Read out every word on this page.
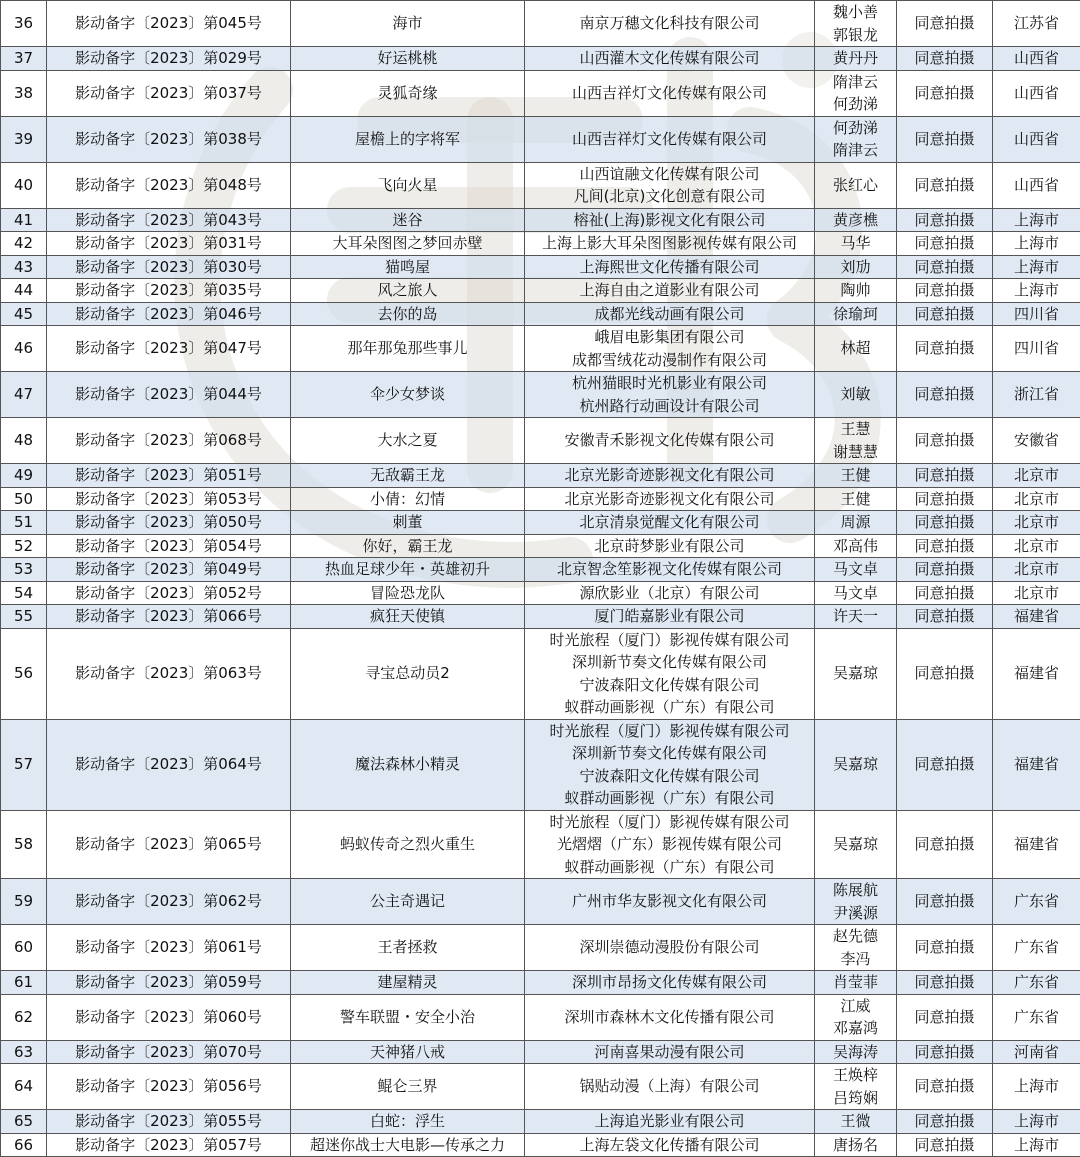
36	影动备字〔2023〕第045号	海市	南京万穗文化科技有限公司	魏小善
郭银龙	同意拍摄	江苏省
37	影动备字〔2023〕第029号	好运桃桃	山西灌木文化传媒有限公司	黄丹丹	同意拍摄	山西省
38	影动备字〔2023〕第037号	灵狐奇缘	山西吉祥灯文化传媒有限公司	隋津云
何劲涕	同意拍摄	山西省
39	影动备字〔2023〕第038号	屋檐上的字将军	山西吉祥灯文化传媒有限公司	何劲涕
隋津云	同意拍摄	山西省
40	影动备字〔2023〕第048号	飞向火星	山西谊融文化传媒有限公司
凡间(北京)文化创意有限公司	张红心	同意拍摄	山西省
41	影动备字〔2023〕第043号	迷谷	榕祉(上海)影视文化有限公司	黄彦樵	同意拍摄	上海市
42	影动备字〔2023〕第031号	大耳朵图图之梦回赤壁	上海上影大耳朵图图影视传媒有限公司	马华	同意拍摄	上海市
43	影动备字〔2023〕第030号	猫鸣屋	上海熙世文化传播有限公司	刘劢	同意拍摄	上海市
44	影动备字〔2023〕第035号	风之旅人	上海自由之道影业有限公司	陶帅	同意拍摄	上海市
45	影动备字〔2023〕第046号	去你的岛	成都光线动画有限公司	徐瑜珂	同意拍摄	四川省
46	影动备字〔2023〕第047号	那年那兔那些事儿	峨眉电影集团有限公司
成都雪绒花动漫制作有限公司	林超	同意拍摄	四川省
47	影动备字〔2023〕第044号	伞少女梦谈	杭州猫眼时光机影业有限公司
杭州路行动画设计有限公司	刘敏	同意拍摄	浙江省
48	影动备字〔2023〕第068号	大水之夏	安徽青禾影视文化传媒有限公司	王慧
谢慧慧	同意拍摄	安徽省
49	影动备字〔2023〕第051号	无敌霸王龙	北京光影奇迹影视文化有限公司	王健	同意拍摄	北京市
50	影动备字〔2023〕第053号	小倩：幻情	北京光影奇迹影视文化有限公司	王健	同意拍摄	北京市
51	影动备字〔2023〕第050号	刺董	北京清泉觉醒文化有限公司	周源	同意拍摄	北京市
52	影动备字〔2023〕第054号	你好，霸王龙	北京莳梦影业有限公司	邓高伟	同意拍摄	北京市
53	影动备字〔2023〕第049号	热血足球少年・英雄初升	北京智念笙影视文化传媒有限公司	马文卓	同意拍摄	北京市
54	影动备字〔2023〕第052号	冒险恐龙队	源欣影业（北京）有限公司	马文卓	同意拍摄	北京市
55	影动备字〔2023〕第066号	疯狂天使镇	厦门皓嘉影业有限公司	许天一	同意拍摄	福建省
56	影动备字〔2023〕第063号	寻宝总动员2	时光旅程（厦门）影视传媒有限公司
深圳新节奏文化传媒有限公司
宁波森阳文化传媒有限公司
蚁群动画影视（广东）有限公司	吴嘉琼	同意拍摄	福建省
57	影动备字〔2023〕第064号	魔法森林小精灵	时光旅程（厦门）影视传媒有限公司
深圳新节奏文化传媒有限公司
宁波森阳文化传媒有限公司
蚁群动画影视（广东）有限公司	吴嘉琼	同意拍摄	福建省
58	影动备字〔2023〕第065号	蚂蚁传奇之烈火重生	时光旅程（厦门）影视传媒有限公司
光熠熠（广东）影视传媒有限公司
蚁群动画影视（广东）有限公司	吴嘉琼	同意拍摄	福建省
59	影动备字〔2023〕第062号	公主奇遇记	广州市华友影视文化有限公司	陈展航
尹溪源	同意拍摄	广东省
60	影动备字〔2023〕第061号	王者拯救	深圳崇德动漫股份有限公司	赵先德
李冯	同意拍摄	广东省
61	影动备字〔2023〕第059号	建屋精灵	深圳市昂扬文化传媒有限公司	肖莹菲	同意拍摄	广东省
62	影动备字〔2023〕第060号	警车联盟・安全小治	深圳市森林木文化传播有限公司	江威
邓嘉鸿	同意拍摄	广东省
63	影动备字〔2023〕第070号	天神猪八戒	河南喜果动漫有限公司	吴海涛	同意拍摄	河南省
64	影动备字〔2023〕第056号	鲲仑三界	锅贴动漫（上海）有限公司	王焕梓
吕筠娴	同意拍摄	上海市
65	影动备字〔2023〕第055号	白蛇：浮生	上海追光影业有限公司	王微	同意拍摄	上海市
66	影动备字〔2023〕第057号	超迷你战士大电影—传承之力	上海左袋文化传播有限公司	唐扬名	同意拍摄	上海市
